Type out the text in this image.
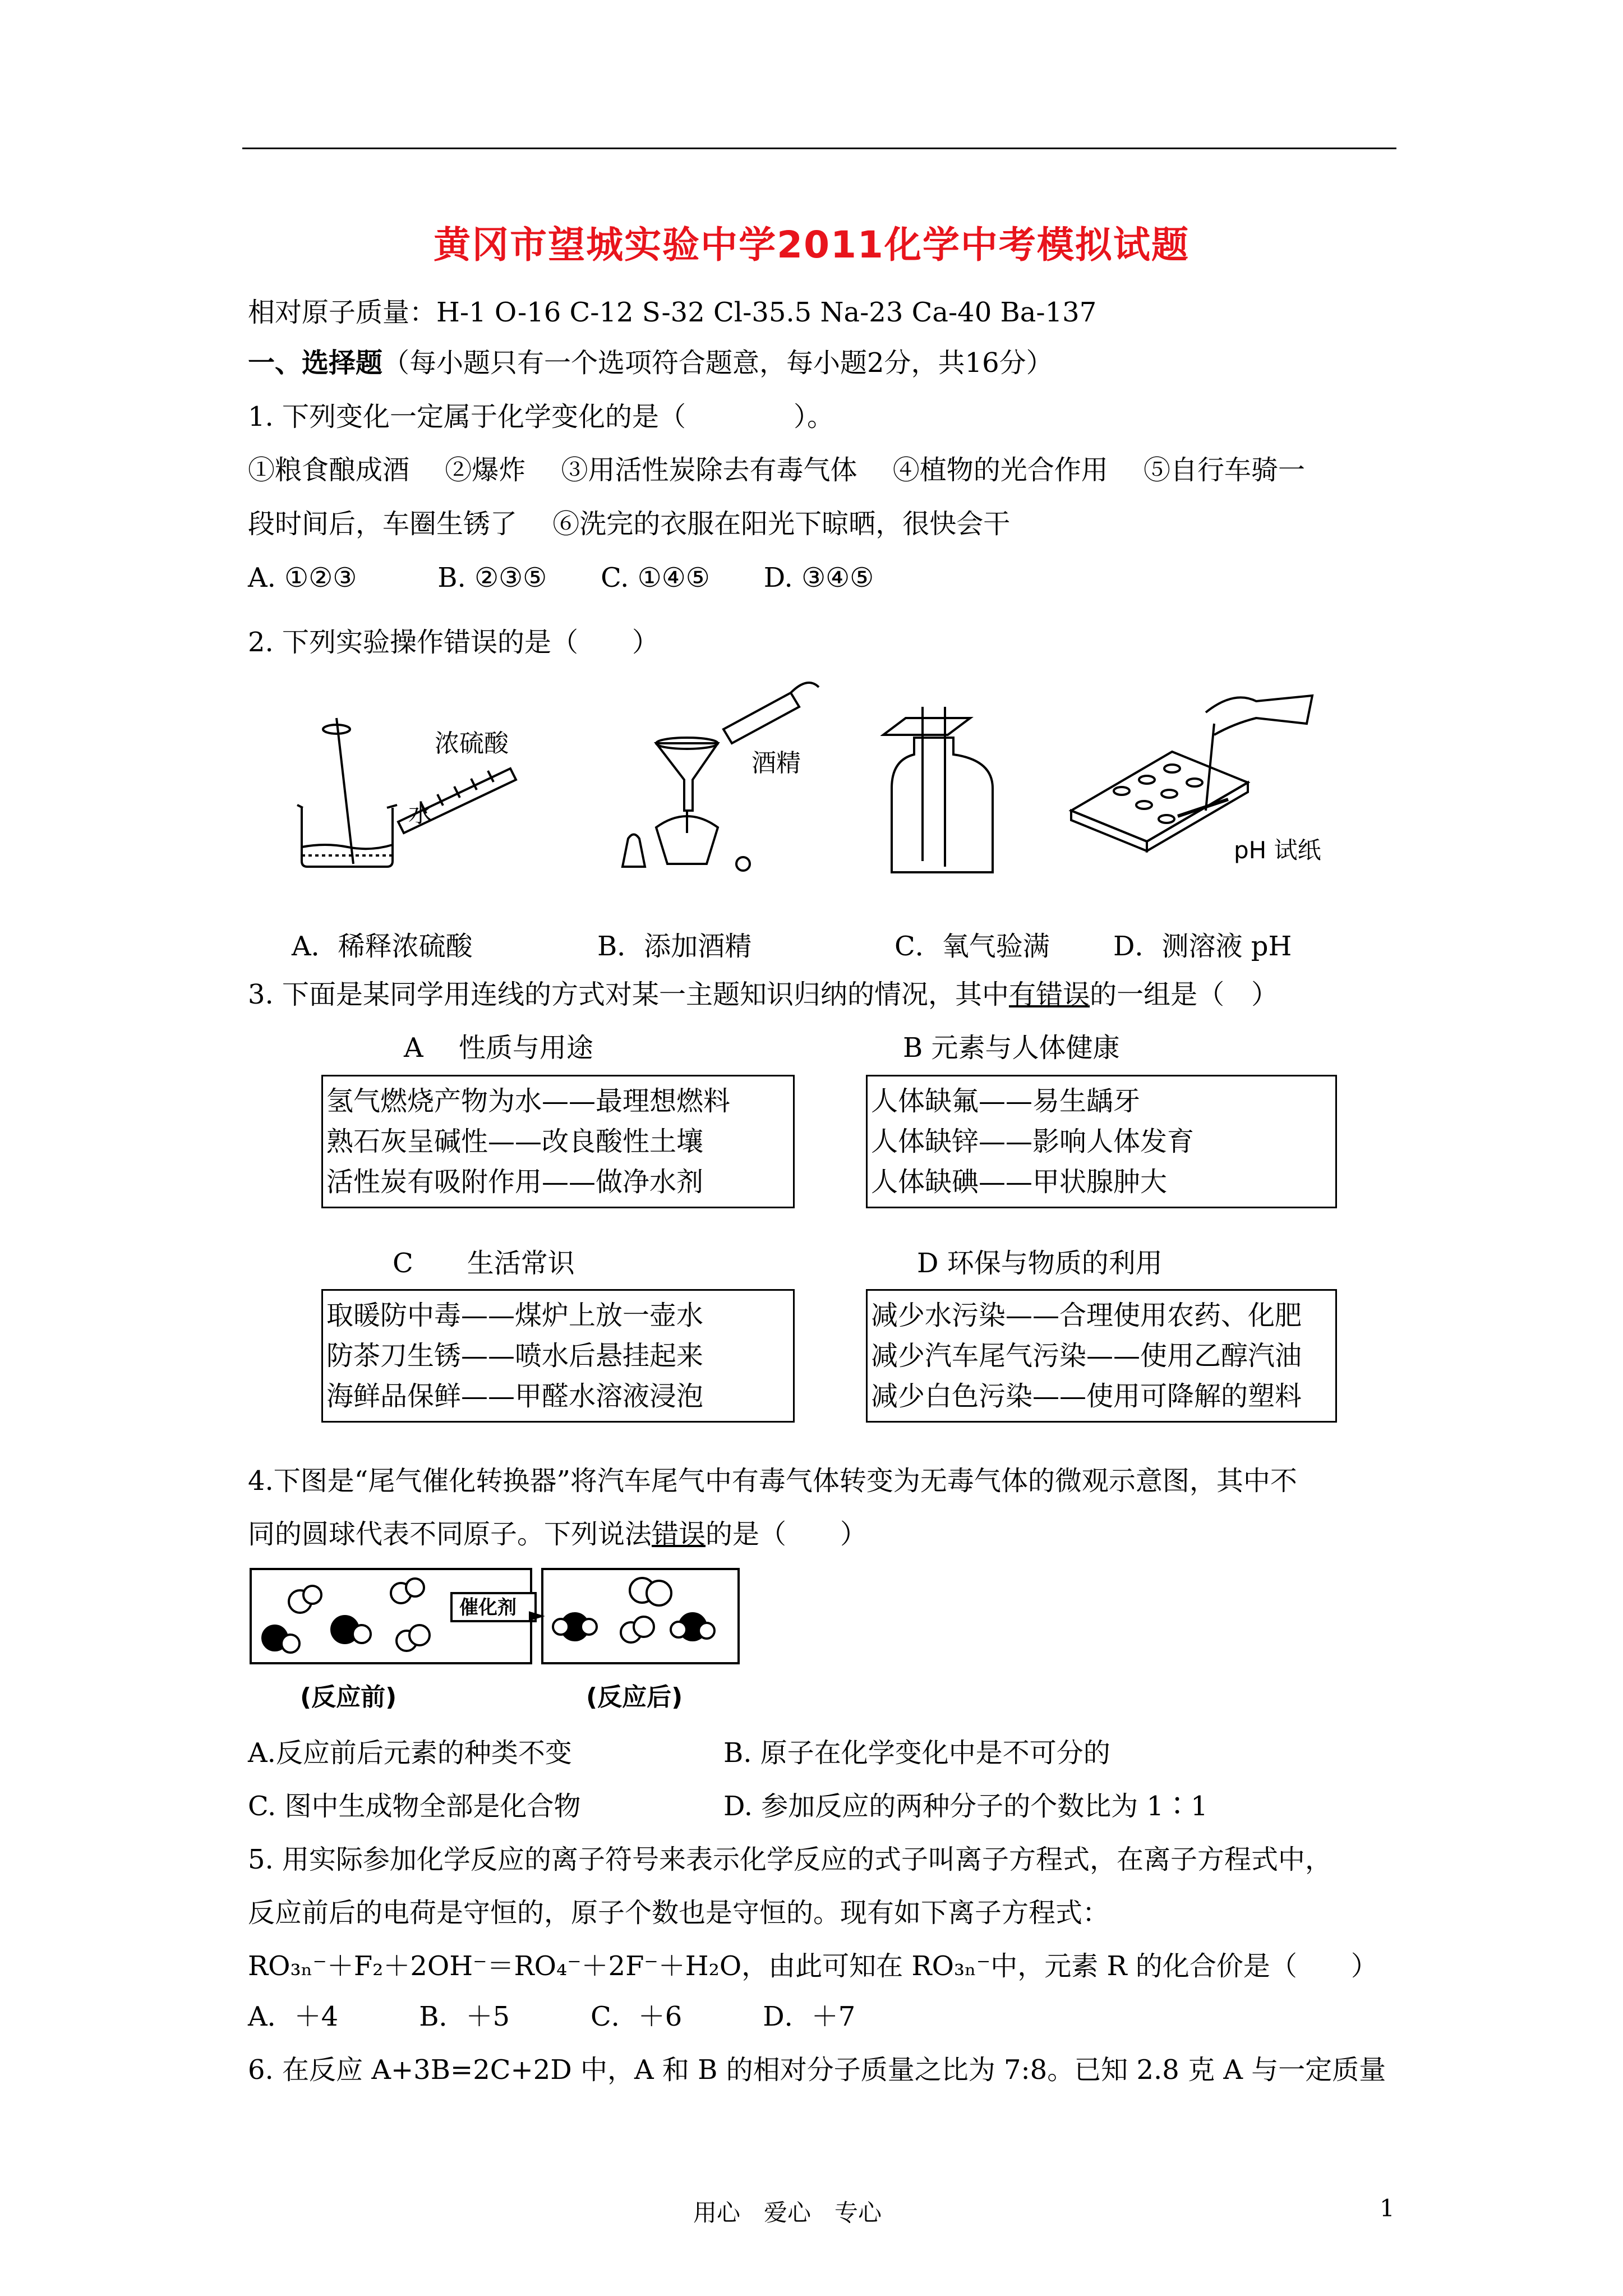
黄冈市望城实验中学2011化学中考模拟试题
相对原子质量：H-1 O-16 C-12 S-32 Cl-35.5 Na-23 Ca-40 Ba-137
一、选择题（每小题只有一个选项符合题意，每小题2分，共16分）
1. 下列变化一定属于化学变化的是（　　　　）。
①粮食酿成酒　 ②爆炸　 ③用活性炭除去有毒气体　 ④植物的光合作用　 ⑤自行车骑一
段时间后，车圈生锈了　 ⑥洗完的衣服在阳光下晾晒，很快会干
A. ①②③　　　B. ②③⑤　　C. ①④⑤　　D. ③④⑤
2. 下列实验操作错误的是（　　）
浓硫酸
水
酒精
pH 试纸
A．稀释浓硫酸	B．添加酒精	C．氧气验满 D．测溶液 pH
3. 下面是某同学用连线的方式对某一主题知识归纳的情况，其中有错误的一组是（　）
A　 性质与用途
氢气燃烧产物为水——最理想燃料
熟石灰呈碱性——改良酸性土壤
活性炭有吸附作用——做净水剂
B 元素与人体健康
人体缺氟——易生龋牙
人体缺锌——影响人体发育
人体缺碘——甲状腺肿大
C　　生活常识
取暖防中毒——煤炉上放一壶水
防茶刀生锈——喷水后悬挂起来
海鲜品保鲜——甲醛水溶液浸泡
D 环保与物质的利用
减少水污染——合理使用农药、化肥
减少汽车尾气污染——使用乙醇汽油
减少白色污染——使用可降解的塑料
4.下图是“尾气催化转换器”将汽车尾气中有毒气体转变为无毒气体的微观示意图，其中不
同的圆球代表不同原子。下列说法错误的是（　　）
催化剂
(反应前)	(反应后)
A.反应前后元素的种类不变	B. 原子在化学变化中是不可分的
C. 图中生成物全部是化合物	D. 参加反应的两种分子的个数比为 1∶1
5. 用实际参加化学反应的离子符号来表示化学反应的式子叫离子方程式，在离子方程式中，
反应前后的电荷是守恒的，原子个数也是守恒的。现有如下离子方程式：
RO₃ₙ⁻＋F₂＋2OH⁻＝RO₄⁻＋2F⁻＋H₂O，由此可知在 RO₃ₙ⁻中，元素 R 的化合价是（　　）
A．＋4　　　B．＋5　　　C．＋6　　　D．＋7
6. 在反应 A+3B=2C+2D 中，A 和 B 的相对分子质量之比为 7:8。已知 2.8 克 A 与一定质量
用心　爱心　专心	1
